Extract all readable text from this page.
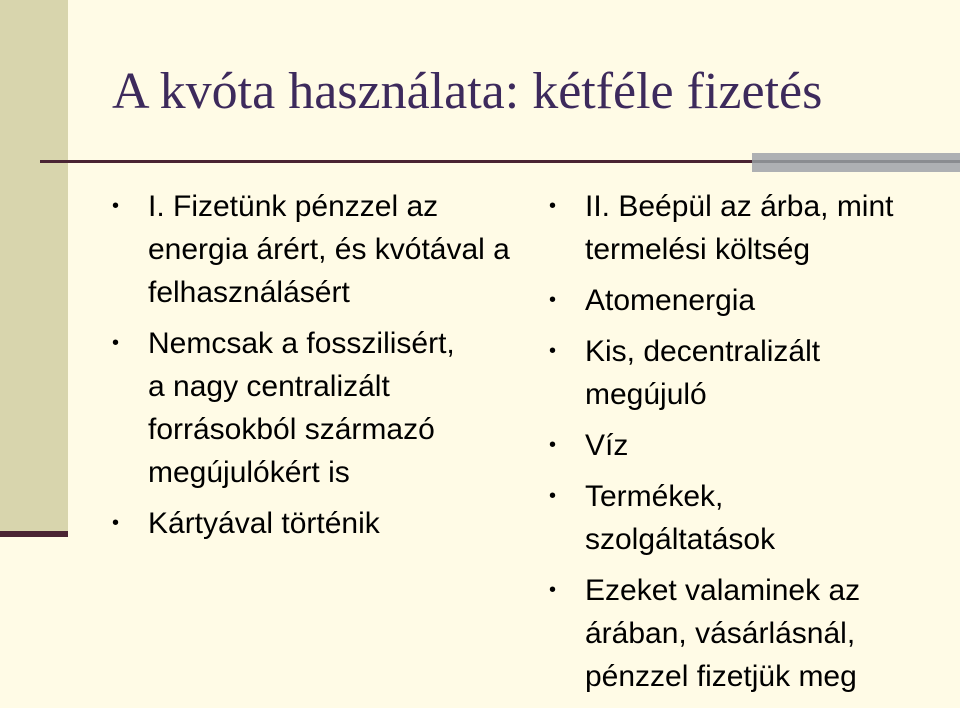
A kvóta használata: kétféle fizetés
• I. Fizetünk pénzzel az energia árért, és kvótával a felhasználásért
• Nemcsak a fosszilisért, a nagy centralizált forrásokból származó megújulókért is
• Kártyával történik
• II. Beépül az árba, mint termelési költség
• Atomenergia
• Kis, decentralizált megújuló
• Víz
• Termékek, szolgáltatások
• Ezeket valaminek az árában, vásárlásnál, pénzzel fizetjük meg
